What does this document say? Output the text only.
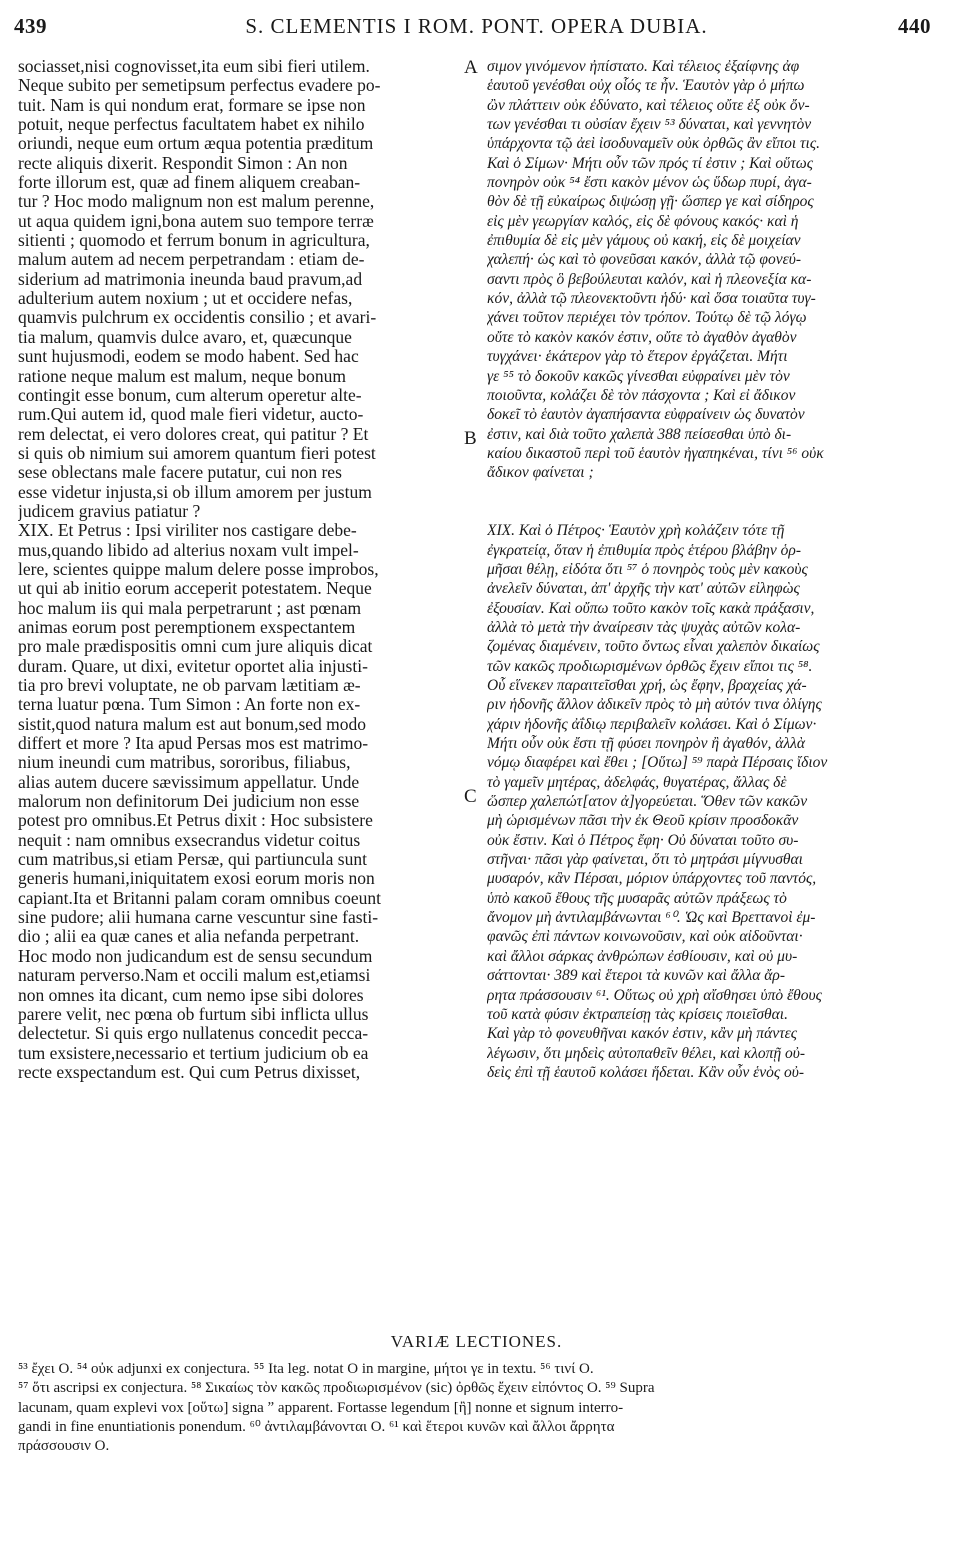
439	S. CLEMENTIS I ROM. PONT. OPERA DUBIA.	440
sociasset,nisi cognovisset,ita eum sibi fieri utilem.
Neque subito per semetipsum perfectus evadere po-
tuit. Nam is qui nondum erat, formare se ipse non
potuit, neque perfectus facultatem habet ex nihilo
oriundi, neque eum ortum æqua potentia præditum
recte aliquis dixerit. Respondit Simon : An non
forte illorum est, quæ ad finem aliquem creaban-
tur ? Hoc modo malignum non est malum perenne,
ut aqua quidem igni,bona autem suo tempore terræ
sitienti ; quomodo et ferrum bonum in agricultura,
malum autem ad necem perpetrandam : etiam de-
siderium ad matrimonia ineunda baud pravum,ad
adulterium autem noxium ; ut et occidere nefas,
quamvis pulchrum ex occidentis consilio ; et avari-
tia malum, quamvis dulce avaro, et, quæcunque
sunt hujusmodi, eodem se modo habent. Sed hac
ratione neque malum est malum, neque bonum
contingit esse bonum, cum alterum operetur alte-
rum.Qui autem id, quod male fieri videtur, aucto-
rem delectat, ei vero dolores creat, qui patitur ? Et
si quis ob nimium sui amorem quantum fieri potest
sese oblectans male facere putatur, cui non res
esse videtur injusta,si ob illum amorem per justum
judicem gravius patiatur ?
XIX. Et Petrus : Ipsi viriliter nos castigare debe-
mus,quando libido ad alterius noxam vult impel-
lere, scientes quippe malum delere posse improbos,
ut qui ab initio eorum acceperit potestatem. Neque
hoc malum iis qui mala perpetrarunt ; ast pœnam
animas eorum post peremptionem exspectantem
pro male prædispositis omni cum jure aliquis dicat
duram. Quare, ut dixi, evitetur oportet alia injusti-
tia pro brevi voluptate, ne ob parvam lætitiam æ-
terna luatur pœna. Tum Simon : An forte non ex-
sistit,quod natura malum est aut bonum,sed modo
differt et more ? Ita apud Persas mos est matrimo-
nium ineundi cum matribus, sororibus, filiabus,
alias autem ducere sævissimum appellatur. Unde
malorum non definitorum Dei judicium non esse
potest pro omnibus.Et Petrus dixit : Hoc subsistere
nequit : nam omnibus exsecrandus videtur coitus
cum matribus,si etiam Persæ, qui partiuncula sunt
generis humani,iniquitatem exosi eorum moris non
capiant.Ita et Britanni palam coram omnibus coeunt
sine pudore; alii humana carne vescuntur sine fasti-
dio ; alii ea quæ canes et alia nefanda perpetrant.
Hoc modo non judicandum est de sensu secundum
naturam perverso.Nam et occili malum est,etiamsi
non omnes ita dicant, cum nemo ipse sibi dolores
parere velit, nec pœna ob furtum sibi inflicta ullus
delectetur. Si quis ergo nullatenus concedit pecca-
tum exsistere,necessario et tertium judicium ob ea
recte exspectandum est. Qui cum Petrus dixisset,
σιμον γινόμενον ἠπίστατο. Καὶ τέλειος ἐξαίφνης ἀφ
ἑαυτοῦ γενέσθαι οὐχ οἷός τε ἦν. Ἑαυτὸν γὰρ ὁ μήπω
ὢν πλάττειν οὐκ ἐδύνατο, καὶ τέλειος οὔτε ἐξ οὐκ ὄν-
των γενέσθαι τι οὐσίαν ἔχειν ⁵³ δύναται, καὶ γεννητὸν
ὑπάρχοντα τῷ ἀεὶ ἰσοδυναμεῖν οὐκ ὀρθῶς ἂν εἴποι τις.
Καὶ ὁ Σίμων· Μήτι οὖν τῶν πρός τί ἐστιν ; Καὶ οὕτως
πονηρὸν οὐκ ⁵⁴ ἔστι κακὸν μένον ὡς ὕδωρ πυρί, ἀγα-
θὸν δὲ τῇ εὐκαίρως διψώσῃ γῇ· ὥσπερ γε καὶ σίδηρος
εἰς μὲν γεωργίαν καλός, εἰς δὲ φόνους κακός· καὶ ἡ
ἐπιθυμία δὲ εἰς μὲν γάμους οὐ κακή, εἰς δὲ μοιχείαν
χαλεπή· ὡς καὶ τὸ φονεῦσαι κακόν, ἀλλὰ τῷ φονεύ-
σαντι πρὸς ὃ βεβούλευται καλόν, καὶ ἡ πλεονεξία κα-
κόν, ἀλλὰ τῷ πλεονεκτοῦντι ἡδύ· καὶ ὅσα τοιαῦτα τυγ-
χάνει τοῦτον περιέχει τὸν τρόπον. Τούτῳ δὲ τῷ λόγῳ
οὔτε τὸ κακὸν κακόν ἐστιν, οὔτε τὸ ἀγαθὸν ἀγαθὸν
τυγχάνει· ἑκάτερον γὰρ τὸ ἕτερον ἐργάζεται. Μήτι
γε ⁵⁵ τὸ δοκοῦν κακῶς γίνεσθαι εὐφραίνει μὲν τὸν
ποιοῦντα, κολάζει δὲ τὸν πάσχοντα ; Καὶ εἰ ἄδικον
δοκεῖ τὸ ἑαυτὸν ἀγαπήσαντα εὐφραίνειν ὡς δυνατὸν
ἐστιν, καὶ διὰ τοῦτο χαλεπὰ 388 πείσεσθαι ὑπὸ δι-
καίου δικαστοῦ περὶ τοῦ ἑαυτὸν ἠγαπηκέναι, τίνι ⁵⁶ οὐκ
ἄδικον φαίνεται ;
XIX. Καὶ ὁ Πέτρος· Ἑαυτὸν χρὴ κολάζειν τότε τῇ
ἐγκρατείᾳ, ὅταν ἡ ἐπιθυμία πρὸς ἑτέρου βλάβην ὁρ-
μῆσαι θέλῃ, εἰδότα ὅτι ⁵⁷ ὁ πονηρὸς τοὺς μὲν κακοὺς
ἀνελεῖν δύναται, ἀπ' ἀρχῆς τὴν κατ' αὐτῶν εἰληφὼς
ἐξουσίαν. Καὶ οὔπω τοῦτο κακὸν τοῖς κακὰ πράξασιν,
ἀλλὰ τὸ μετὰ τὴν ἀναίρεσιν τὰς ψυχὰς αὐτῶν κολα-
ζομένας διαμένειν, τοῦτο ὄντως εἶναι χαλεπὸν δικαίως
τῶν κακῶς προδιωρισμένων ὀρθῶς ἔχειν εἴποι τις ⁵⁸.
Οὗ εἵνεκεν παραιτεῖσθαι χρή, ὡς ἔφην, βραχείας χά-
ριν ἡδονῆς ἄλλον ἀδικεῖν πρὸς τὸ μὴ αὐτόν τινα ὀλίγης
χάριν ἡδονῆς ἀΐδιῳ περιβαλεῖν κολάσει. Καὶ ὁ Σίμων·
Μήτι οὖν οὐκ ἔστι τῇ φύσει πονηρὸν ἢ ἀγαθόν, ἀλλὰ
νόμῳ διαφέρει καὶ ἔθει ; [Οὕτω] ⁵⁹ παρὰ Πέρσαις ἴδιον
τὸ γαμεῖν μητέρας, ἀδελφάς, θυγατέρας, ἄλλας δὲ
ὥσπερ χαλεπώτ[ατον ἀ]γορεύεται. Ὅθεν τῶν κακῶν
μὴ ὡρισμένων πᾶσι τὴν ἐκ Θεοῦ κρίσιν προσδοκᾶν
οὐκ ἔστιν. Καὶ ὁ Πέτρος ἔφη· Οὐ δύναται τοῦτο συ-
στῆναι· πᾶσι γὰρ φαίνεται, ὅτι τὸ μητράσι μίγνυσθαι
μυσαρόν, κἂν Πέρσαι, μόριον ὑπάρχοντες τοῦ παντός,
ὑπὸ κακοῦ ἔθους τῆς μυσαρᾶς αὐτῶν πράξεως τὸ
ἄνομον μὴ ἀντιλαμβάνωνται ⁶⁰. Ὡς καὶ Βρεττανοὶ ἐμ-
φανῶς ἐπὶ πάντων κοινωνοῦσιν, καὶ οὐκ αἰδοῦνται·
καὶ ἄλλοι σάρκας ἀνθρώπων ἐσθίουσιν, καὶ οὐ μυ-
σάττονται· 389 καὶ ἕτεροι τὰ κυνῶν καὶ ἄλλα ἄρ-
ρητα πράσσουσιν ⁶¹. Οὕτως οὐ χρὴ αἴσθησει ὑπὸ ἔθους
τοῦ κατὰ φύσιν ἐκτραπείσῃ τὰς κρίσεις ποιεῖσθαι.
Καὶ γὰρ τὸ φονευθῆναι κακόν ἐστιν, κἂν μὴ πάντες
λέγωσιν, ὅτι μηδεὶς αὐτοπαθεῖν θέλει, καὶ κλοπῇ οὐ-
δεὶς ἐπὶ τῇ ἑαυτοῦ κολάσει ἥδεται. Κἂν οὖν ἑνὸς οὐ-
A
B
C
VARIÆ LECTIONES.
⁵³ ἔχει O. ⁵⁴ οὐκ adjunxi ex conjectura. ⁵⁵ Ita leg. notat O in margine, μήτοι γε in textu. ⁵⁶ τινί O.
⁵⁷ ὅτι ascripsi ex conjectura. ⁵⁸ Σικαίως τὸν κακῶς προδιωρισμένον (sic) ὀρθῶς ἔχειν εἰπόντος O. ⁵⁹ Supra
lacunam, quam explevi vox [οὕτω] signa ˮ apparent. Fortasse legendum [ἢ] nonne et signum interro-
gandi in fine enuntiationis ponendum. ⁶⁰ ἀντιλαμβάνονται O. ⁶¹ καὶ ἕτεροι κυνῶν καὶ ἄλλοι ἄρρητα
πράσσουσιν O.
